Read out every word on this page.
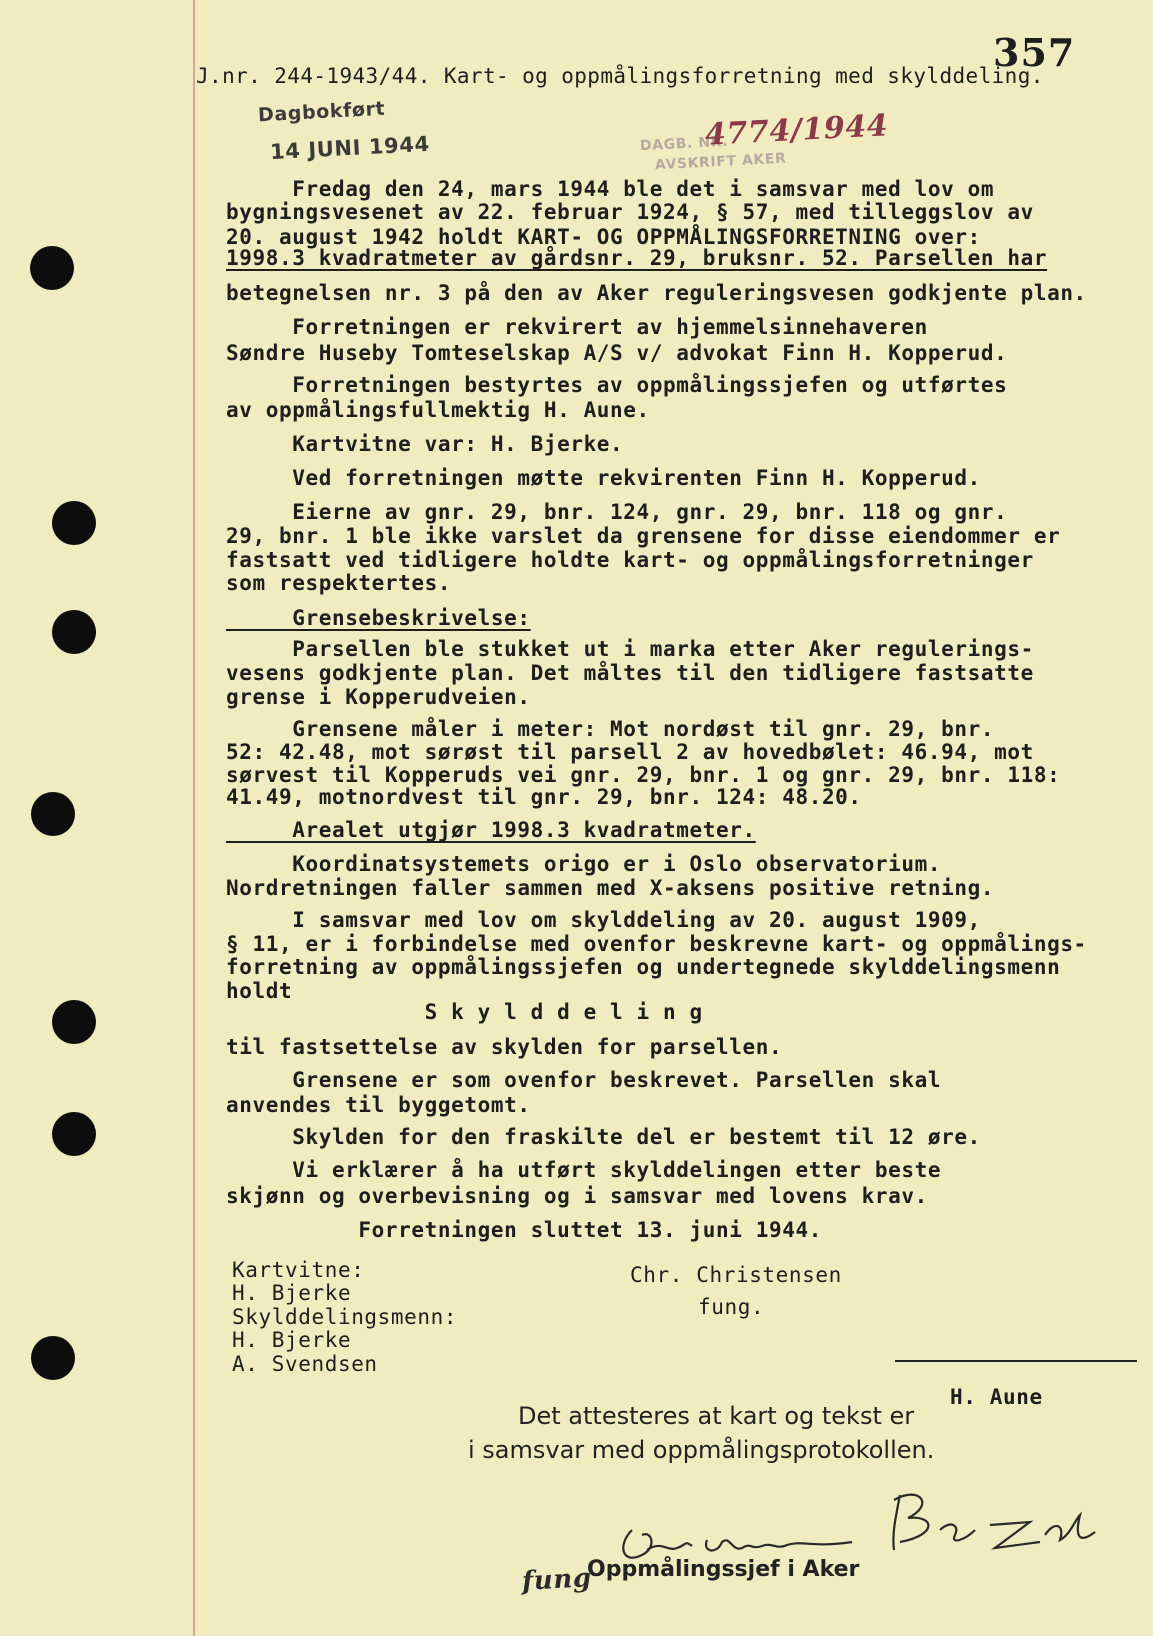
J.nr. 244-1943/44. Kart- og oppmålingsforretning med skylddeling.
357
Dagbokført
14 JUNI 1944	DAGB. NR.
4774/1944
AVSKRIFT AKER
Fredag den 24, mars 1944 ble det i samsvar med lov om
bygningsvesenet av 22. februar 1924, § 57, med tilleggslov av
20. august 1942 holdt KART- OG OPPMÅLINGSFORRETNING over:
1998.3 kvadratmeter av gårdsnr. 29, bruksnr. 52. Parsellen har
betegnelsen nr. 3 på den av Aker reguleringsvesen godkjente plan.
Forretningen er rekvirert av hjemmelsinnehaveren
Søndre Huseby Tomteselskap A/S v/ advokat Finn H. Kopperud.
Forretningen bestyrtes av oppmålingssjefen og utførtes
av oppmålingsfullmektig H. Aune.
Kartvitne var: H. Bjerke.
Ved forretningen møtte rekvirenten Finn H. Kopperud.
Eierne av gnr. 29, bnr. 124, gnr. 29, bnr. 118 og gnr.
29, bnr. 1 ble ikke varslet da grensene for disse eiendommer er
fastsatt ved tidligere holdte kart- og oppmålingsforretninger
som respektertes.
Grensebeskrivelse:
Parsellen ble stukket ut i marka etter Aker regulerings-
vesens godkjente plan. Det måltes til den tidligere fastsatte
grense i Kopperudveien.
Grensene måler i meter: Mot nordøst til gnr. 29, bnr.
52: 42.48, mot sørøst til parsell 2 av hovedbølet: 46.94, mot
sørvest til Kopperuds vei gnr. 29, bnr. 1 og gnr. 29, bnr. 118:
41.49, motnordvest til gnr. 29, bnr. 124: 48.20.
Arealet utgjør 1998.3 kvadratmeter.
Koordinatsystemets origo er i Oslo observatorium.
Nordretningen faller sammen med X-aksens positive retning.
I samsvar med lov om skylddeling av 20. august 1909,
§ 11, er i forbindelse med ovenfor beskrevne kart- og oppmålings-
forretning av oppmålingssjefen og undertegnede skylddelingsmenn
holdt
S k y l d d e l i n g
til fastsettelse av skylden for parsellen.
Grensene er som ovenfor beskrevet. Parsellen skal
anvendes til byggetomt.
Skylden for den fraskilte del er bestemt til 12 øre.
Vi erklærer å ha utført skylddelingen etter beste
skjønn og overbevisning og i samsvar med lovens krav.
Forretningen sluttet 13. juni 1944.
Kartvitne:
H. Bjerke
Skylddelingsmenn:
H. Bjerke
A. Svendsen
Chr. Christensen
fung.
H. Aune
Det attesteres at kart og tekst er
i samsvar med oppmålingsprotokollen.
fung
Oppmålingssjef i Aker
